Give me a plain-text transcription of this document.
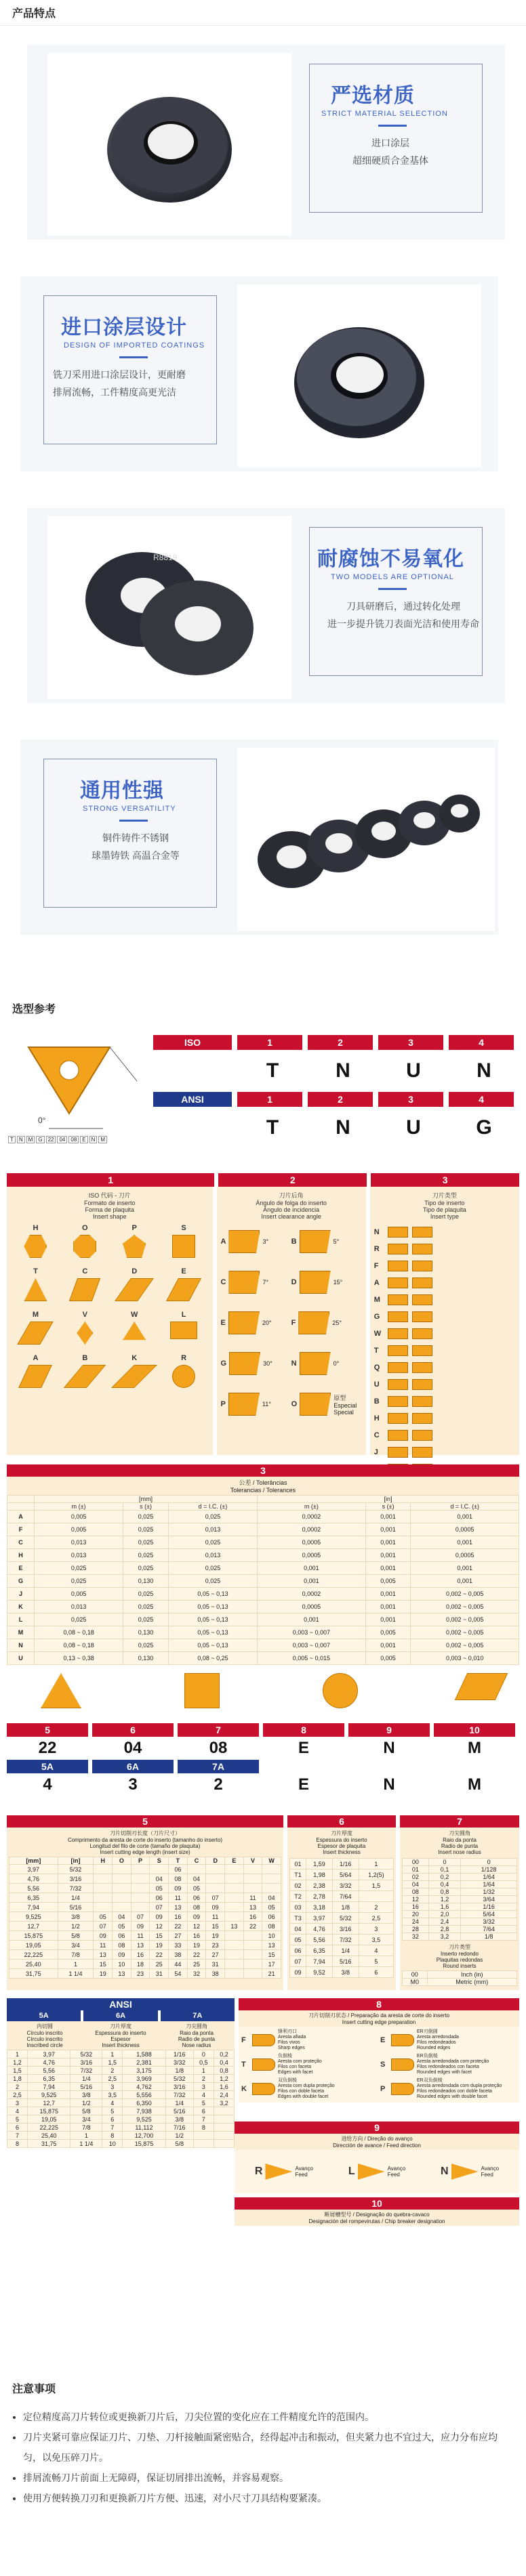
产品特点
严选材质
STRICT MATERIAL SELECTION
进口涂层
超细硬质合金基体
进口涂层设计
DESIGN OF IMPORTED COATINGS
铣刀采用进口涂层设计，更耐磨
排屑流畅，工件精度高更光洁
R8819	耐腐蚀不易氧化
TWO MODELS ARE OPTIONAL
刀具研磨后，通过转化处理
进一步提升铣刀表面光洁和使用寿命
通用性强
STRONG VERSATILITY
铜件铸件不锈钢
球墨铸铁 高温合金等
选型参考
0°
T	N	M	G	22	04	08	E	N	M
ISO	1	2	3	4
T	N	U	N
ANSI	1	2	3	4
T	N	U	G
1	2	3
ISO 代码 - 刀片
Formato de inserto
Forma de plaquita
Insert shape
H	O	P	S
T	C	D	E
M	V	W	L
A	B	K	R
刀片后角
Ángulo de folga do inserto
Ángulo de incidencia
Insert clearance angle
A	3°	B	5°
C	7°	D	15°
E	20°	F	25°
G	30°	N	0°
P	11°	O
原型
Especial
Special
刀片类型
Tipo de inserto
Tipo de plaquita
Insert type
N
R
F
A
M
G
W
T
Q
U
B
H
C
J
3
公差 / Tolerâncias
Tolerancias / Tolerances
	[mm]			[in]		
	m (±)	s (±)	d = I.C. (±)	m (±)	s (±)	d = I.C. (±)
A	0,005	0,025	0,025	0,0002	0,001	0,001
F	0,005	0,025	0,013	0,0002	0,001	0,0005
C	0,013	0,025	0,025	0,0005	0,001	0,001
H	0,013	0,025	0,013	0,0005	0,001	0,0005
E	0,025	0,025	0,025	0,001	0,001	0,001
G	0,025	0,130	0,025	0,001	0,005	0,001
J	0,005	0,025	0,05 ~ 0,13	0,0002	0,001	0,002 ~ 0,005
K	0,013	0,025	0,05 ~ 0,13	0,0005	0,001	0,002 ~ 0,005
L	0,025	0,025	0,05 ~ 0,13	0,001	0,001	0,002 ~ 0,005
M	0,08 ~ 0,18	0,130	0,05 ~ 0,13	0,003 ~ 0,007	0,005	0,002 ~ 0,005
N	0,08 ~ 0,18	0,025	0,05 ~ 0,13	0,003 ~ 0,007	0,001	0,002 ~ 0,005
U	0,13 ~ 0,38	0,130	0,08 ~ 0,25	0,005 ~ 0,015	0,005	0,003 ~ 0,010
5	6	7	8	9	10
22	04	08	E	N	M
5A	6A	7A
4	3	2	E	N	M
5	6	7
刀片切削刃长度（刀片尺寸）
Comprimento da aresta de corte do inserto (tamanho do inserto)
Longitud del filo de corte (tamaño de plaquita)
Insert cutting edge length (insert size)
[mm]	[in]	H	O	P	S	T	C	D	E	V	W
3,97	5/32					06					
4,76	3/16				04	08	04				
5,56	7/32				05	09	05				
6,35	1/4				06	11	06	07		11	04
7,94	5/16				07	13	08	09		13	05
9,525	3/8	05	04	07	09	16	09	11		16	06
12,7	1/2	07	05	09	12	22	12	15	13	22	08
15,875	5/8	09	06	11	15	27	16	19			10
19,05	3/4	11	08	13	19	33	19	23			13
22,225	7/8	13	09	16	22	38	22	27			15
25,40	1	15	10	18	25	44	25	31			17
31,75	1 1/4	19	13	23	31	54	32	38			21
刀片厚度
Espessura do inserto
Espesor de plaquita
Insert thickness
01	1,59	1/16	1
T1	1,98	5/64	1,2(5)
02	2,38	3/32	1,5
T2	2,78	7/64	
03	3,18	1/8	2
T3	3,97	5/32	2,5
04	4,76	3/16	3
05	5,56	7/32	3,5
06	6,35	1/4	4
07	7,94	5/16	5
09	9,52	3/8	6
刀尖圆角
Raio da ponta
Radio de punta
Insert nose radius
00	0	0
01	0,1	1/128
02	0,2	1/64
04	0,4	1/64
08	0,8	1/32
12	1,2	3/64
16	1,6	1/16
20	2,0	5/64
24	2,4	3/32
28	2,8	7/64
32	3,2	1/8
刀片类型
Inserto redondo
Plaquitas redondas
Round inserts
00	Inch (in)
M0	Metric (mm)
ANSI
5A	6A	7A
内切圆
Círculo inscrito
Círculo inscrito
Inscribed circle
刀片厚度
Espessura do inserto
Espesor
Insert thickness
刀尖圆角
Raio da ponta
Radio de punta
Nose radius
1	3,97	5/32	1	1,588	1/16	0	0,2
1,2	4,76	3/16	1,5	2,381	3/32	0,5	0,4
1,5	5,56	7/32	2	3,175	1/8	1	0,8
1,8	6,35	1/4	2,5	3,969	5/32	2	1,2
2	7,94	5/16	3	4,762	3/16	3	1,6
2,5	9,525	3/8	3,5	5,556	7/32	4	2,4
3	12,7	1/2	4	6,350	1/4	5	3,2
4	15,875	5/8	5	7,938	5/16	6	
5	19,05	3/4	6	9,525	3/8	7	
6	22,225	7/8	7	11,112	7/16	8	
7	25,40	1	8	12,700	1/2		
8	31,75	1 1/4	10	15,875	5/8		
8
刀片切削刃状态 / Preparação da aresta de corte do inserto
Insert cutting edge preparation
F
锋利刃口
Aresta afiada
Filos vivos
Sharp edges
E
ER刃倒圆
Aresta arredondada
Filos redondeados
Rounded edges
T
负倒棱
Aresta com proteção
Filos con faceta
Edges with facet
S
ER负倒棱
Aresta arredondada com proteção
Filos redondeados con faceta
Rounded edges with facet
K
双负倒棱
Aresta com dupla proteção
Filos con doble faceta
Edges with double facet
P
ER双负倒棱
Aresta arredondada com dupla proteção
Filos redondeados con doble faceta
Rounded edges with double facet
9
进给方向 / Direção do avanço
Dirección de avance / Feed direction
R	Avanço
Feed	L	Avanço
Feed	N	Avanço
Feed
10
断屑槽型号 / Designação do quebra-cavaco
Designación del rompevirutas / Chip breaker designation
注意事项
• 定位精度高刀片转位或更换新刀片后，刀尖位置的变化应在工件精度允许的范围内。
• 刀片夹紧可靠应保证刀片、刀垫、刀杆接触面紧密贴合，经得起冲击和振动，但夹紧力也不宜过大，应力分布应均匀，以免压碎刀片。
• 排屑流畅刀片前面上无障碍，保证切屑排出流畅，并容易观察。
• 使用方便转换刀刃和更换新刀片方便、迅速，对小尺寸刀具结构要紧凑。
